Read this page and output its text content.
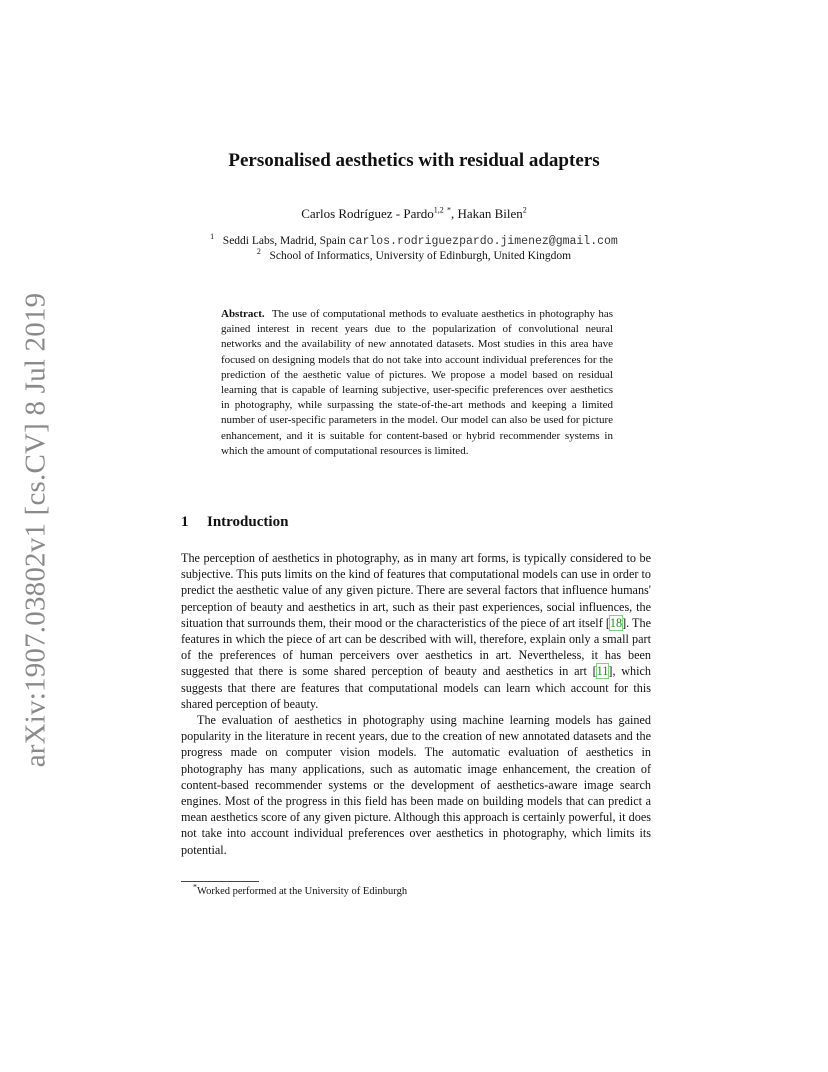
arXiv:1907.03802v1 [cs.CV] 8 Jul 2019
Personalised aesthetics with residual adapters
Carlos Rodríguez - Pardo$^{1,2}$ *, Hakan Bilen$^2$
$^1$ Seddi Labs, Madrid, Spain carlos.rodriguezpardo.jimenez@gmail.com
$^2$ School of Informatics, University of Edinburgh, United Kingdom
Abstract. The use of computational methods to evaluate aesthetics in photography has gained interest in recent years due to the popularization of convolutional neural networks and the availability of new annotated datasets. Most studies in this area have focused on designing models that do not take into account individual preferences for the prediction of the aesthetic value of pictures. We propose a model based on residual learning that is capable of learning subjective, user-specific preferences over aesthetics in photography, while surpassing the state-of-the-art methods and keeping a limited number of user-specific parameters in the model. Our model can also be used for picture enhancement, and it is suitable for content-based or hybrid recommender systems in which the amount of computational resources is limited.
1 Introduction

The perception of aesthetics in photography, as in many art forms, is typically considered to be subjective. This puts limits on the kind of features that computational models can use in order to predict the aesthetic value of any given picture. There are several factors that influence humans' perception of beauty and aesthetics in art, such as their past experiences, social influences, the situation that surrounds them, their mood or the characteristics of the piece of art itself [18]. The features in which the piece of art can be described with will, therefore, explain only a small part of the preferences of human perceivers over aesthetics in art. Nevertheless, it has been suggested that there is some shared perception of beauty and aesthetics in art [11], which suggests that there are features that computational models can learn which account for this shared perception of beauty.

The evaluation of aesthetics in photography using machine learning models has gained popularity in the literature in recent years, due to the creation of new annotated datasets and the progress made on computer vision models. The automatic evaluation of aesthetics in photography has many applications, such as automatic image enhancement, the creation of content-based recommender systems or the development of aesthetics-aware image search engines. Most of the progress in this field has been made on building models that can predict a mean aesthetics score of any given picture. Although this approach is certainly powerful, it does not take into account individual preferences over aesthetics in photography, which limits its potential.

*Worked performed at the University of Edinburgh
